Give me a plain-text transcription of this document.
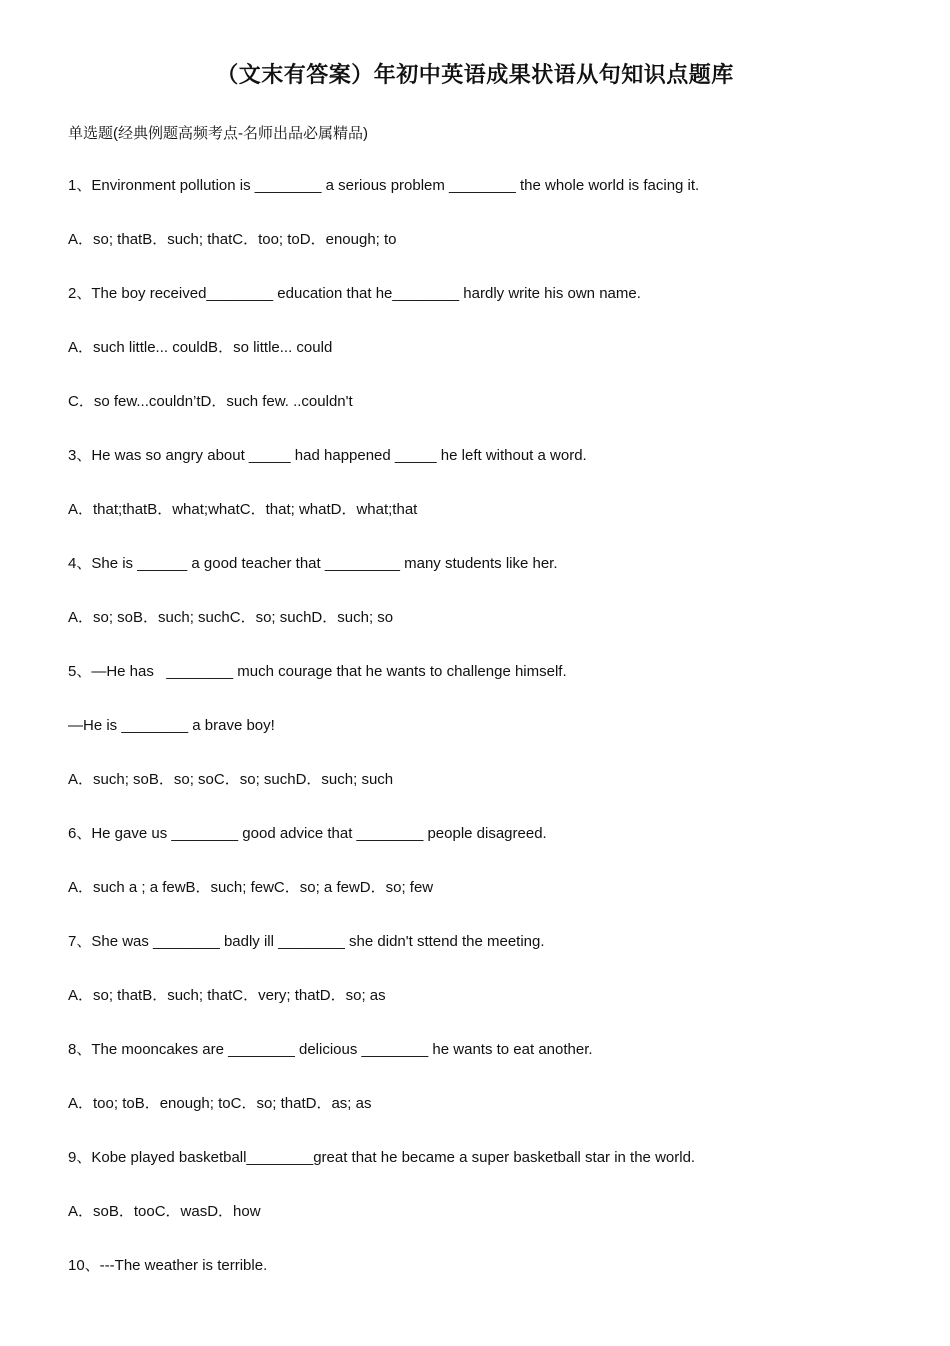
（文末有答案）年初中英语成果状语从句知识点题库
单选题(经典例题高频考点-名师出品必属精品)
1、Environment pollution is ________ a serious problem ________ the whole world is facing it.
A．so; thatB．such; thatC．too; toD．enough; to
2、The boy received________ education that he________ hardly write his own name.
A．such little... couldB．so little... could
C．so few...couldn’tD．such few. ..couldn't
3、He was so angry about _____ had happened _____ he left without a word.
A．that;thatB．what;whatC．that; whatD．what;that
4、She is ______ a good teacher that _________ many students like her.
A．so; soB．such; suchC．so; suchD．such; so
5、—He has   ________ much courage that he wants to challenge himself.
—He is ________ a brave boy!
A．such; soB．so; soC．so; suchD．such; such
6、He gave us ________ good advice that ________ people disagreed.
A．such a ; a fewB．such; fewC．so; a fewD．so; few
7、She was ________ badly ill ________ she didn't sttend the meeting.
A．so; thatB．such; thatC．very; thatD．so; as
8、The mooncakes are ________ delicious ________ he wants to eat another.
A．too; toB．enough; toC．so; thatD．as; as
9、Kobe played basketball________great that he became a super basketball star in the world.
A．soB．tooC．wasD．how
10、---The weather is terrible.
